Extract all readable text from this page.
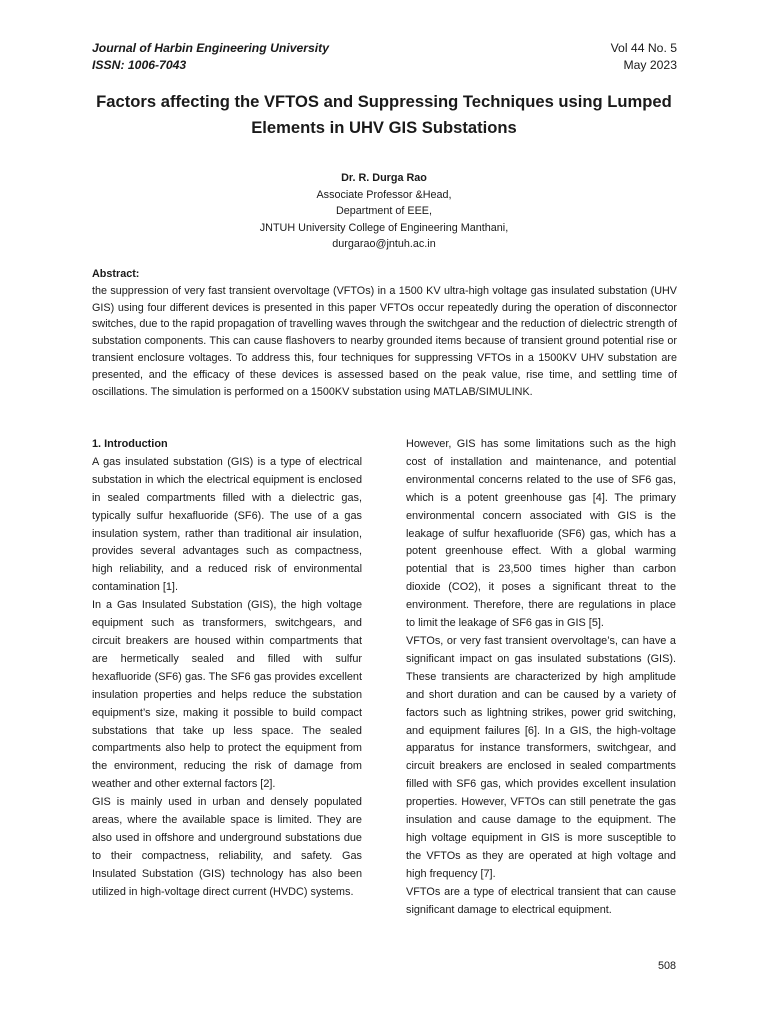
Journal of Harbin Engineering University
ISSN: 1006-7043
Vol 44 No. 5
May 2023
Factors affecting the VFTOS and Suppressing Techniques using Lumped Elements in UHV GIS Substations
Dr. R. Durga Rao
Associate Professor &Head,
Department of EEE,
JNTUH University College of Engineering Manthani,
durgarao@jntuh.ac.in
Abstract:
the suppression of very fast transient overvoltage (VFTOs) in a 1500 KV ultra-high voltage gas insulated substation (UHV GIS) using four different devices is presented in this paper VFTOs occur repeatedly during the operation of disconnector switches, due to the rapid propagation of travelling waves through the switchgear and the reduction of dielectric strength of substation components. This can cause flashovers to nearby grounded items because of transient ground potential rise or transient enclosure voltages. To address this, four techniques for suppressing VFTOs in a 1500KV UHV substation are presented, and the efficacy of these devices is assessed based on the peak value, rise time, and settling time of oscillations. The simulation is performed on a 1500KV substation using MATLAB/SIMULINK.

1. Introduction

A gas insulated substation (GIS) is a type of electrical substation in which the electrical equipment is enclosed in sealed compartments filled with a dielectric gas, typically sulfur hexafluoride (SF6). The use of a gas insulation system, rather than traditional air insulation, provides several advantages such as compactness, high reliability, and a reduced risk of environmental contamination [1].

In a Gas Insulated Substation (GIS), the high voltage equipment such as transformers, switchgears, and circuit breakers are housed within compartments that are hermetically sealed and filled with sulfur hexafluoride (SF6) gas. The SF6 gas provides excellent insulation properties and helps reduce the substation equipment’s size, making it possible to build compact substations that take up less space. The sealed compartments also help to protect the equipment from the environment, reducing the risk of damage from weather and other external factors [2].

GIS is mainly used in urban and densely populated areas, where the available space is limited. They are also used in offshore and underground substations due to their compactness, reliability, and safety. Gas Insulated Substation (GIS) technology has also been utilized in high-voltage direct current (HVDC) systems.

However, GIS has some limitations such as the high cost of installation and maintenance, and potential environmental concerns related to the use of SF6 gas, which is a potent greenhouse gas [4]. The primary environmental concern associated with GIS is the leakage of sulfur hexafluoride (SF6) gas, which has a potent greenhouse effect. With a global warming potential that is 23,500 times higher than carbon dioxide (CO2), it poses a significant threat to the environment. Therefore, there are regulations in place to limit the leakage of SF6 gas in GIS [5].

VFTOs, or very fast transient overvoltage’s, can have a significant impact on gas insulated substations (GIS). These transients are characterized by high amplitude and short duration and can be caused by a variety of factors such as lightning strikes, power grid switching, and equipment failures [6]. In a GIS, the high-voltage apparatus for instance transformers, switchgear, and circuit breakers are enclosed in sealed compartments filled with SF6 gas, which provides excellent insulation properties. However, VFTOs can still penetrate the gas insulation and cause damage to the equipment. The high voltage equipment in GIS is more susceptible to the VFTOs as they are operated at high voltage and high frequency [7].

VFTOs are a type of electrical transient that can cause significant damage to electrical equipment.

508
